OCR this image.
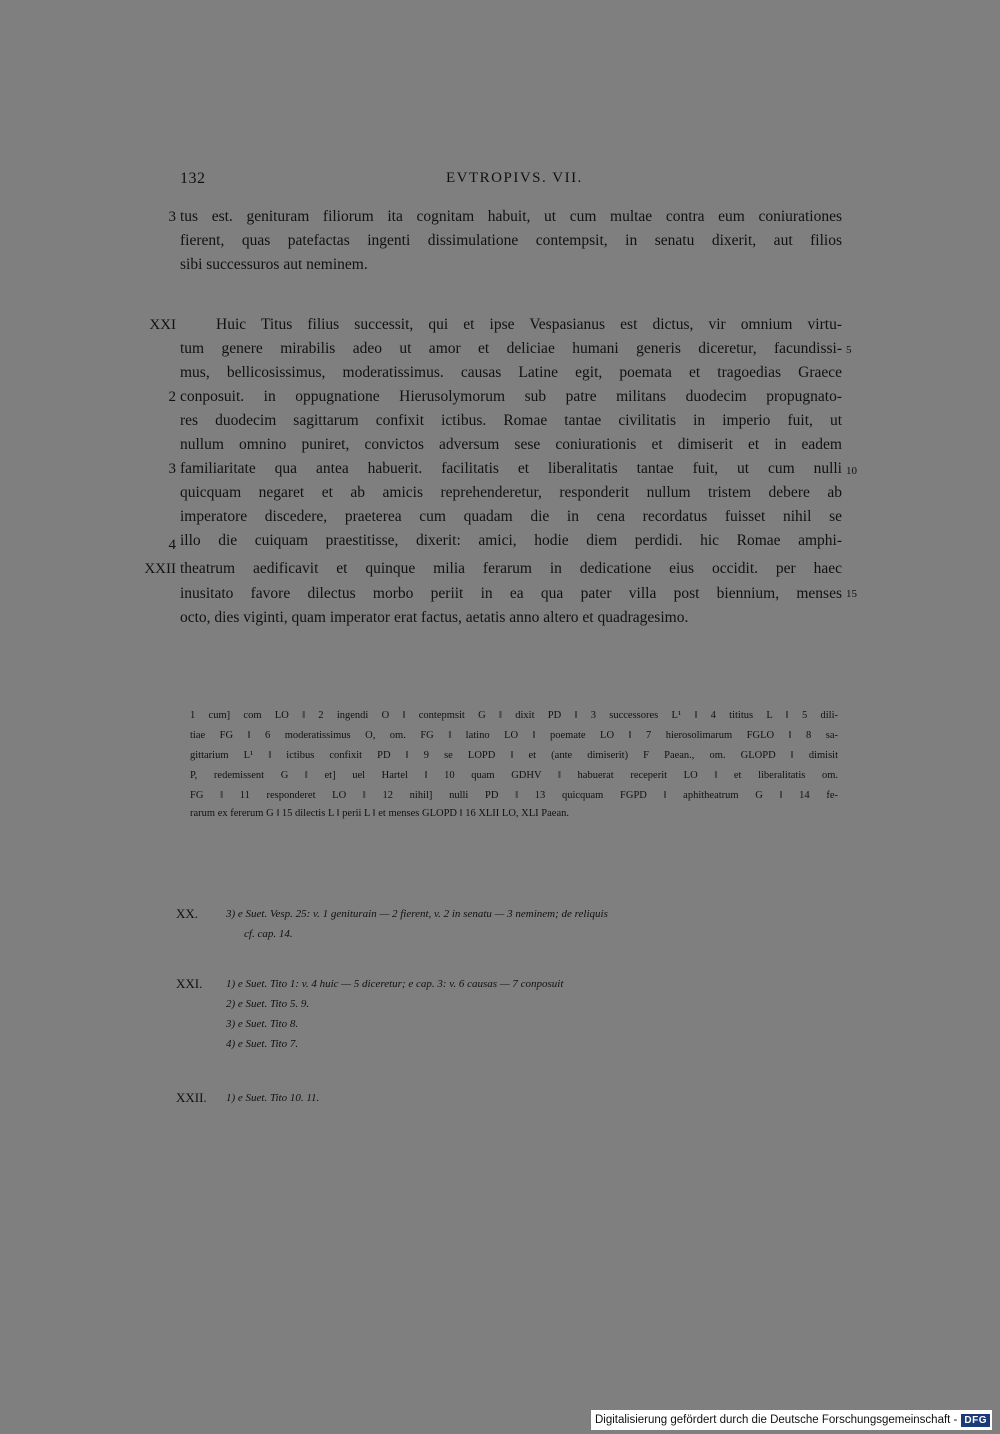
132	EVTROPIVS. VII.
3
XXI
2
3
4
XXII
5
10
15
tus est. genituram filiorum ita cognitam habuit, ut cum multae contra eum coniurationes
fierent, quas patefactas ingenti dissimulatione contempsit, in senatu dixerit, aut filios
sibi successuros aut neminem.
Huic Titus filius successit, qui et ipse Vespasianus est dictus, vir omnium virtu-
tum genere mirabilis adeo ut amor et deliciae humani generis diceretur, facundissi-
mus, bellicosissimus, moderatissimus. causas Latine egit, poemata et tragoedias Graece
conposuit. in oppugnatione Hierusolymorum sub patre militans duodecim propugnato-
res duodecim sagittarum confixit ictibus. Romae tantae civilitatis in imperio fuit, ut
nullum omnino puniret, convictos adversum sese coniurationis et dimiserit et in eadem
familiaritate qua antea habuerit. facilitatis et liberalitatis tantae fuit, ut cum nulli
quicquam negaret et ab amicis reprehenderetur, responderit nullum tristem debere ab
imperatore discedere, praeterea cum quadam die in cena recordatus fuisset nihil se
illo die cuiquam praestitisse, dixerit: amici, hodie diem perdidi. hic Romae amphi-
theatrum aedificavit et quinque milia ferarum in dedicatione eius occidit. per haec
inusitato favore dilectus morbo periit in ea qua pater villa post biennium, menses
octo, dies viginti, quam imperator erat factus, aetatis anno altero et quadragesimo.
1 cum] com LO ‖ 2 ingendi O ‖ contepmsit G ‖ dixit PD ‖ 3 successores L¹ ‖ 4 tititus L ‖ 5 dili-
tiae FG ‖ 6 moderatissimus O, om. FG ‖ latino LO ‖ poemate LO ‖ 7 hierosolimarum FGLO ‖ 8 sa-
gittarium L¹ ‖ ictibus confixit PD ‖ 9 se LOPD ‖ et (ante dimiserit) F Paean., om. GLOPD ‖ dimisit
P, redemissent G ‖ et] uel Hartel ‖ 10 quam GDHV ‖ habuerat receperit LO ‖ et liberalitatis om.
FG ‖ 11 responderet LO ‖ 12 nihil] nulli PD ‖ 13 quicquam FGPD ‖ aphitheatrum G ‖ 14 fe-
rarum ex fererum G ‖ 15 dilectis L ‖ perii L ‖ et menses GLOPD ‖ 16 XLII LO, XLI Paean.
XX.	3) e Suet. Vesp. 25: v. 1 geniturain — 2 fierent, v. 2 in senatu — 3 neminem; de reliquis
cf. cap. 14.
XXI. 1) e Suet. Tito 1: v. 4 huic — 5 diceretur; e cap. 3: v. 6 causas — 7 conposuit
2) e Suet. Tito 5. 9.
3) e Suet. Tito 8.
4) e Suet. Tito 7.
XXII. 1) e Suet. Tito 10. 11.
Digitalisierung gefördert durch die Deutsche Forschungsgemeinschaft - DFG
